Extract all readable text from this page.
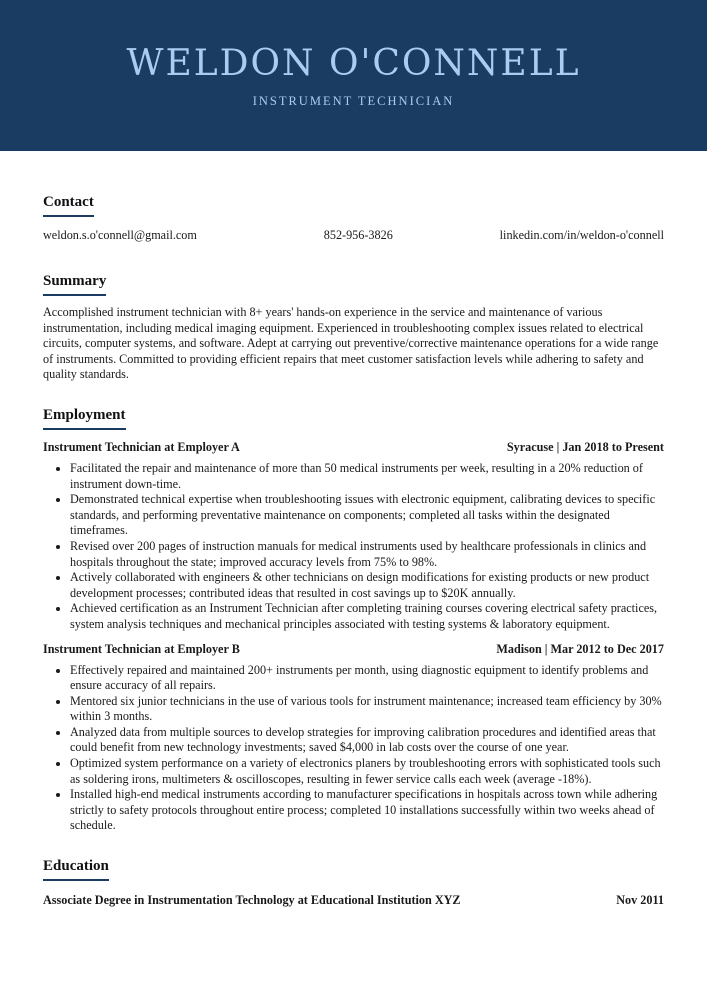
WELDON O'CONNELL
INSTRUMENT TECHNICIAN
Contact
weldon.s.o'connell@gmail.com	852-956-3826	linkedin.com/in/weldon-o'connell
Summary
Accomplished instrument technician with 8+ years' hands-on experience in the service and maintenance of various instrumentation, including medical imaging equipment. Experienced in troubleshooting complex issues related to electrical circuits, computer systems, and software. Adept at carrying out preventive/corrective maintenance operations for a wide range of instruments. Committed to providing efficient repairs that meet customer satisfaction levels while adhering to safety and quality standards.
Employment
Instrument Technician at Employer A	Syracuse | Jan 2018 to Present
• Facilitated the repair and maintenance of more than 50 medical instruments per week, resulting in a 20% reduction of instrument down-time.
• Demonstrated technical expertise when troubleshooting issues with electronic equipment, calibrating devices to specific standards, and performing preventative maintenance on components; completed all tasks within the designated timeframes.
• Revised over 200 pages of instruction manuals for medical instruments used by healthcare professionals in clinics and hospitals throughout the state; improved accuracy levels from 75% to 98%.
• Actively collaborated with engineers & other technicians on design modifications for existing products or new product development processes; contributed ideas that resulted in cost savings up to $20K annually.
• Achieved certification as an Instrument Technician after completing training courses covering electrical safety practices, system analysis techniques and mechanical principles associated with testing systems & laboratory equipment.
Instrument Technician at Employer B	Madison | Mar 2012 to Dec 2017
• Effectively repaired and maintained 200+ instruments per month, using diagnostic equipment to identify problems and ensure accuracy of all repairs.
• Mentored six junior technicians in the use of various tools for instrument maintenance; increased team efficiency by 30% within 3 months.
• Analyzed data from multiple sources to develop strategies for improving calibration procedures and identified areas that could benefit from new technology investments; saved $4,000 in lab costs over the course of one year.
• Optimized system performance on a variety of electronics planers by troubleshooting errors with sophisticated tools such as soldering irons, multimeters & oscilloscopes, resulting in fewer service calls each week (average -18%).
• Installed high-end medical instruments according to manufacturer specifications in hospitals across town while adhering strictly to safety protocols throughout entire process; completed 10 installations successfully within two weeks ahead of schedule.
Education
Associate Degree in Instrumentation Technology at Educational Institution XYZ	Nov 2011
